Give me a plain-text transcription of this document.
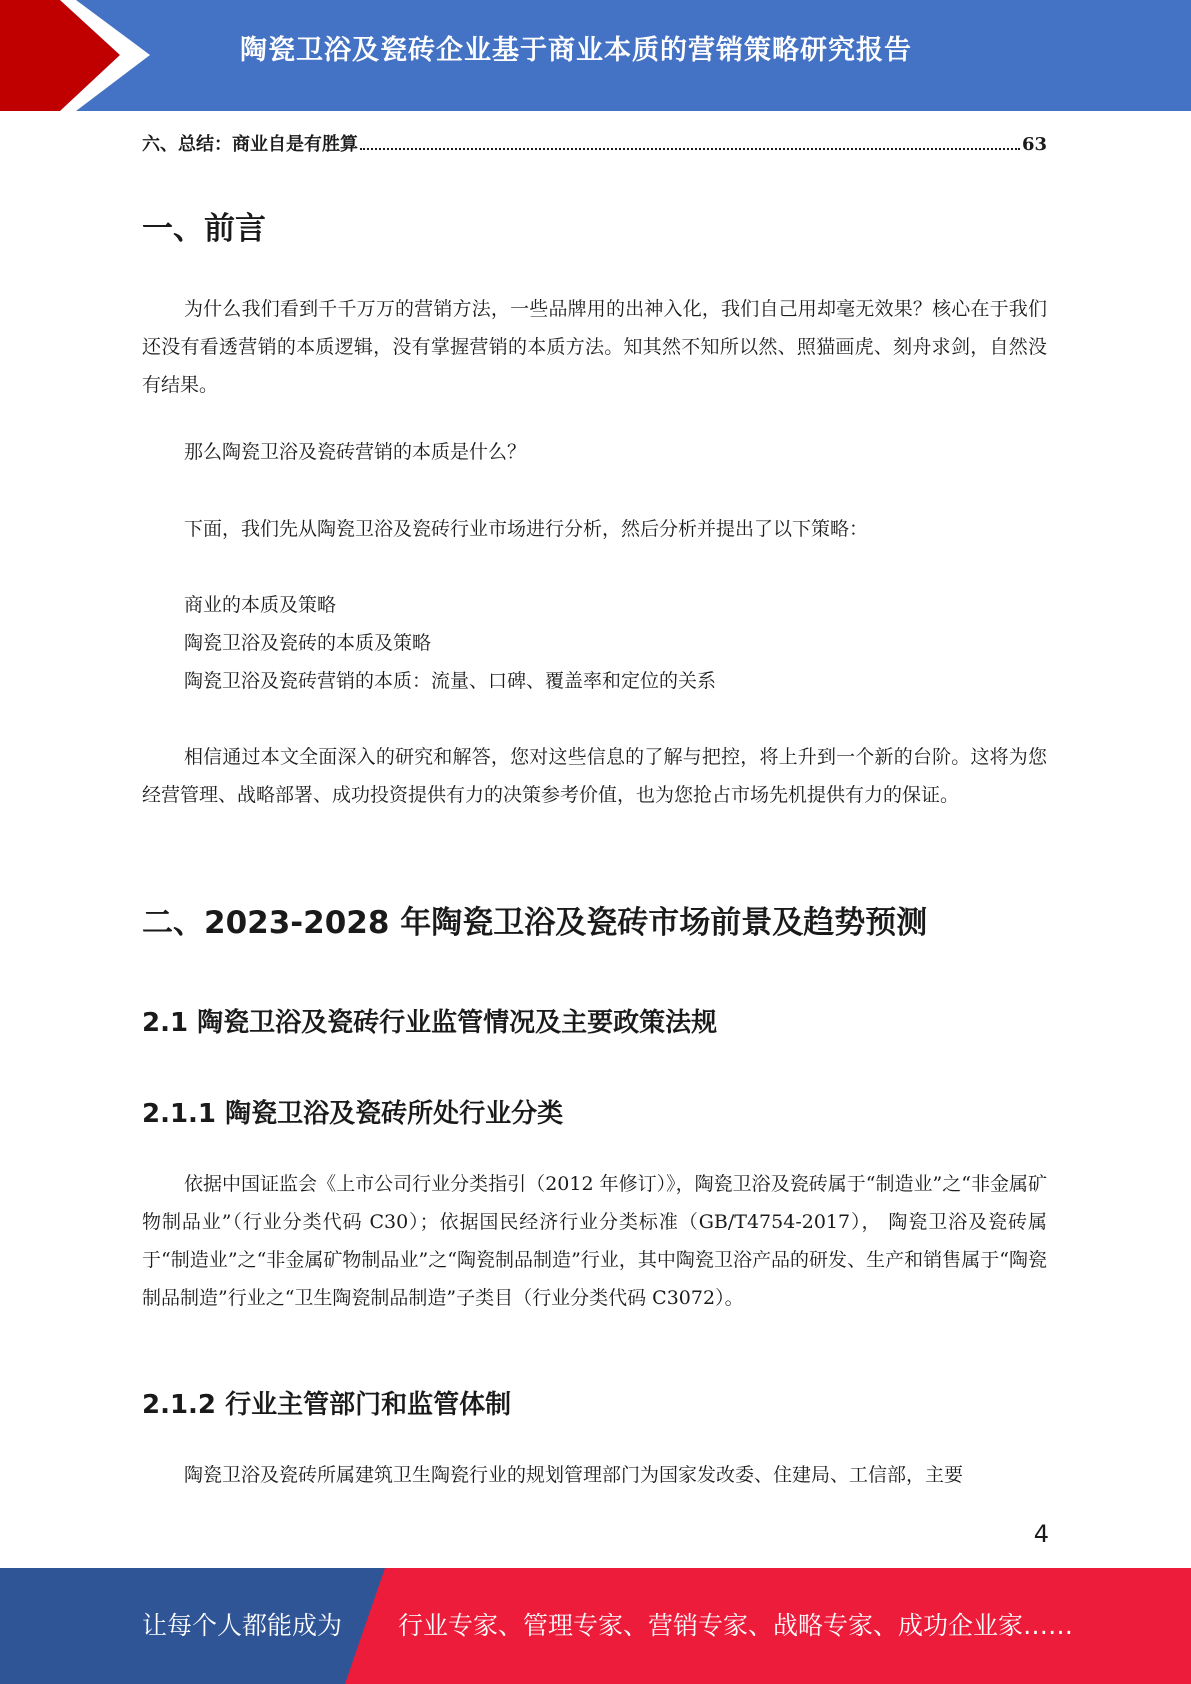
陶瓷卫浴及瓷砖企业基于商业本质的营销策略研究报告
六、总结：商业自是有胜算	63
一、前言
为什么我们看到千千万万的营销方法，一些品牌用的出神入化，我们自己用却毫无效果？核心在于我们还没有看透营销的本质逻辑，没有掌握营销的本质方法。知其然不知所以然、照猫画虎、刻舟求剑，自然没有结果。
那么陶瓷卫浴及瓷砖营销的本质是什么？
下面，我们先从陶瓷卫浴及瓷砖行业市场进行分析，然后分析并提出了以下策略：
商业的本质及策略
陶瓷卫浴及瓷砖的本质及策略
陶瓷卫浴及瓷砖营销的本质：流量、口碑、覆盖率和定位的关系
相信通过本文全面深入的研究和解答，您对这些信息的了解与把控，将上升到一个新的台阶。这将为您经营管理、战略部署、成功投资提供有力的决策参考价值，也为您抢占市场先机提供有力的保证。
二、2023-2028 年陶瓷卫浴及瓷砖市场前景及趋势预测
2.1 陶瓷卫浴及瓷砖行业监管情况及主要政策法规
2.1.1 陶瓷卫浴及瓷砖所处行业分类
依据中国证监会《上市公司行业分类指引（2012 年修订）》，陶瓷卫浴及瓷砖属于“制造业”之“非金属矿物制品业”（行业分类代码 C30）；依据国民经济行业分类标准（GB/T4754-2017）， 陶瓷卫浴及瓷砖属于“制造业”之“非金属矿物制品业”之“陶瓷制品制造”行业，其中陶瓷卫浴产品的研发、生产和销售属于“陶瓷制品制造”行业之“卫生陶瓷制品制造”子类目（行业分类代码 C3072）。
2.1.2 行业主管部门和监管体制
陶瓷卫浴及瓷砖所属建筑卫生陶瓷行业的规划管理部门为国家发改委、住建局、工信部，主要
4
让每个人都能成为 行业专家、管理专家、营销专家、战略专家、成功企业家……
